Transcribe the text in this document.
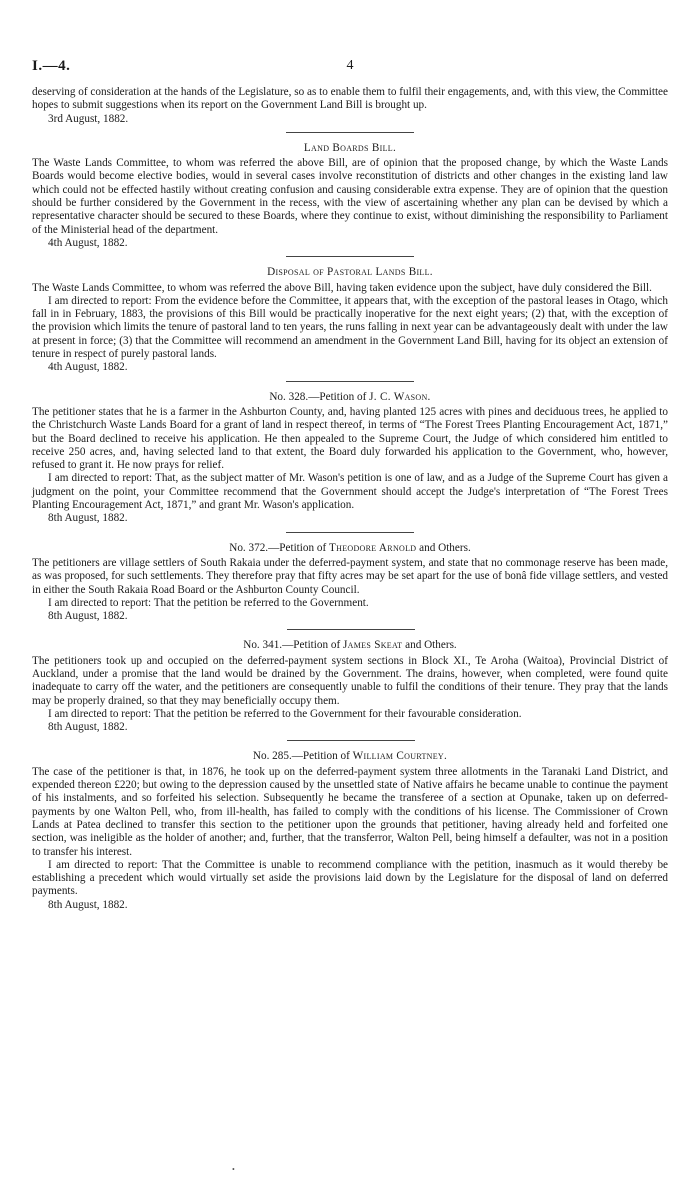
I.—4.	4

deserving of consideration at the hands of the Legislature, so as to enable them to fulfil their engagements, and, with this view, the Committee hopes to submit suggestions when its report on the Government Land Bill is brought up.

3rd August, 1882.

Land Boards Bill.

The Waste Lands Committee, to whom was referred the above Bill, are of opinion that the proposed change, by which the Waste Lands Boards would become elective bodies, would in several cases involve reconstitution of districts and other changes in the existing land law which could not be effected hastily without creating confusion and causing considerable extra expense. They are of opinion that the question should be further considered by the Government in the recess, with the view of ascertaining whether any plan can be devised by which a representative character should be secured to these Boards, where they continue to exist, without diminishing the responsibility to Parliament of the Ministerial head of the department.

4th August, 1882.

Disposal of Pastoral Lands Bill.

The Waste Lands Committee, to whom was referred the above Bill, having taken evidence upon the subject, have duly considered the Bill.

I am directed to report: From the evidence before the Committee, it appears that, with the exception of the pastoral leases in Otago, which fall in in February, 1883, the provisions of this Bill would be practically inoperative for the next eight years; (2) that, with the exception of the provision which limits the tenure of pastoral land to ten years, the runs falling in next year can be advantageously dealt with under the law at present in force; (3) that the Committee will recommend an amendment in the Government Land Bill, having for its object an extension of tenure in respect of purely pastoral lands.

4th August, 1882.

No. 328.—Petition of J. C. Wason.

The petitioner states that he is a farmer in the Ashburton County, and, having planted 125 acres with pines and deciduous trees, he applied to the Christchurch Waste Lands Board for a grant of land in respect thereof, in terms of “The Forest Trees Planting Encouragement Act, 1871,” but the Board declined to receive his application. He then appealed to the Supreme Court, the Judge of which considered him entitled to receive 250 acres, and, having selected land to that extent, the Board duly forwarded his application to the Government, who, however, refused to grant it. He now prays for relief.

I am directed to report: That, as the subject matter of Mr. Wason's petition is one of law, and as a Judge of the Supreme Court has given a judgment on the point, your Committee recommend that the Government should accept the Judge's interpretation of “The Forest Trees Planting Encouragement Act, 1871,” and grant Mr. Wason's application.

8th August, 1882.

No. 372.—Petition of Theodore Arnold and Others.

The petitioners are village settlers of South Rakaia under the deferred-payment system, and state that no commonage reserve has been made, as was proposed, for such settlements. They therefore pray that fifty acres may be set apart for the use of bonâ fide village settlers, and vested in either the South Rakaia Road Board or the Ashburton County Council.

I am directed to report: That the petition be referred to the Government.

8th August, 1882.

No. 341.—Petition of James Skeat and Others.

The petitioners took up and occupied on the deferred-payment system sections in Block XI., Te Aroha (Waitoa), Provincial District of Auckland, under a promise that the land would be drained by the Government. The drains, however, when completed, were found quite inadequate to carry off the water, and the petitioners are consequently unable to fulfil the conditions of their tenure. They pray that the lands may be properly drained, so that they may beneficially occupy them.

I am directed to report: That the petition be referred to the Government for their favourable consideration.

8th August, 1882.

No. 285.—Petition of William Courtney.

The case of the petitioner is that, in 1876, he took up on the deferred-payment system three allotments in the Taranaki Land District, and expended thereon £220; but owing to the depression caused by the unsettled state of Native affairs he became unable to continue the payment of his instalments, and so forfeited his selection. Subsequently he became the transferee of a section at Opunake, taken up on deferred-payments by one Walton Pell, who, from ill-health, has failed to comply with the conditions of his license. The Commissioner of Crown Lands at Patea declined to transfer this section to the petitioner upon the grounds that petitioner, having already held and forfeited one section, was ineligible as the holder of another; and, further, that the transferror, Walton Pell, being himself a defaulter, was not in a position to transfer his interest.

I am directed to report: That the Committee is unable to recommend compliance with the petition, inasmuch as it would thereby be establishing a precedent which would virtually set aside the provisions laid down by the Legislature for the disposal of land on deferred payments.

8th August, 1882.

•
